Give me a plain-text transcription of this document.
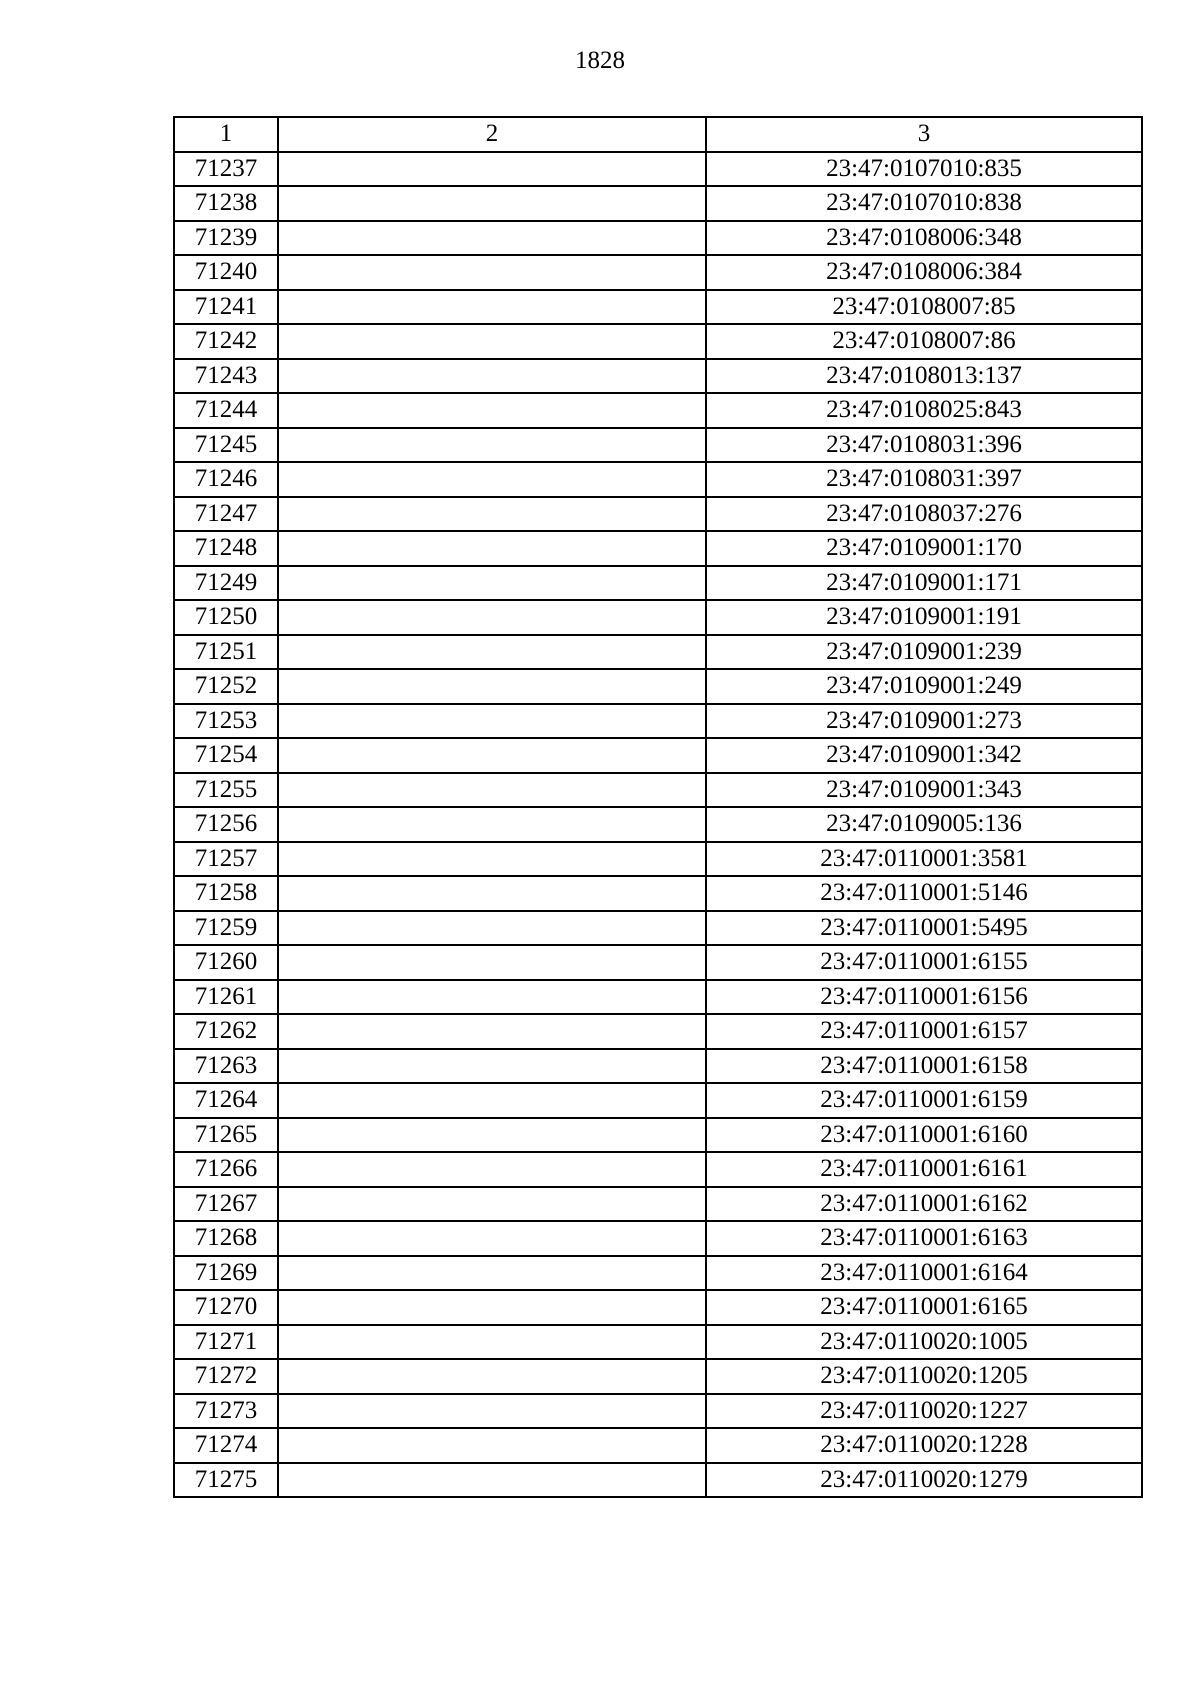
1828
1	2	3
71237		23:47:0107010:835
71238		23:47:0107010:838
71239		23:47:0108006:348
71240		23:47:0108006:384
71241		23:47:0108007:85
71242		23:47:0108007:86
71243		23:47:0108013:137
71244		23:47:0108025:843
71245		23:47:0108031:396
71246		23:47:0108031:397
71247		23:47:0108037:276
71248		23:47:0109001:170
71249		23:47:0109001:171
71250		23:47:0109001:191
71251		23:47:0109001:239
71252		23:47:0109001:249
71253		23:47:0109001:273
71254		23:47:0109001:342
71255		23:47:0109001:343
71256		23:47:0109005:136
71257		23:47:0110001:3581
71258		23:47:0110001:5146
71259		23:47:0110001:5495
71260		23:47:0110001:6155
71261		23:47:0110001:6156
71262		23:47:0110001:6157
71263		23:47:0110001:6158
71264		23:47:0110001:6159
71265		23:47:0110001:6160
71266		23:47:0110001:6161
71267		23:47:0110001:6162
71268		23:47:0110001:6163
71269		23:47:0110001:6164
71270		23:47:0110001:6165
71271		23:47:0110020:1005
71272		23:47:0110020:1205
71273		23:47:0110020:1227
71274		23:47:0110020:1228
71275		23:47:0110020:1279
